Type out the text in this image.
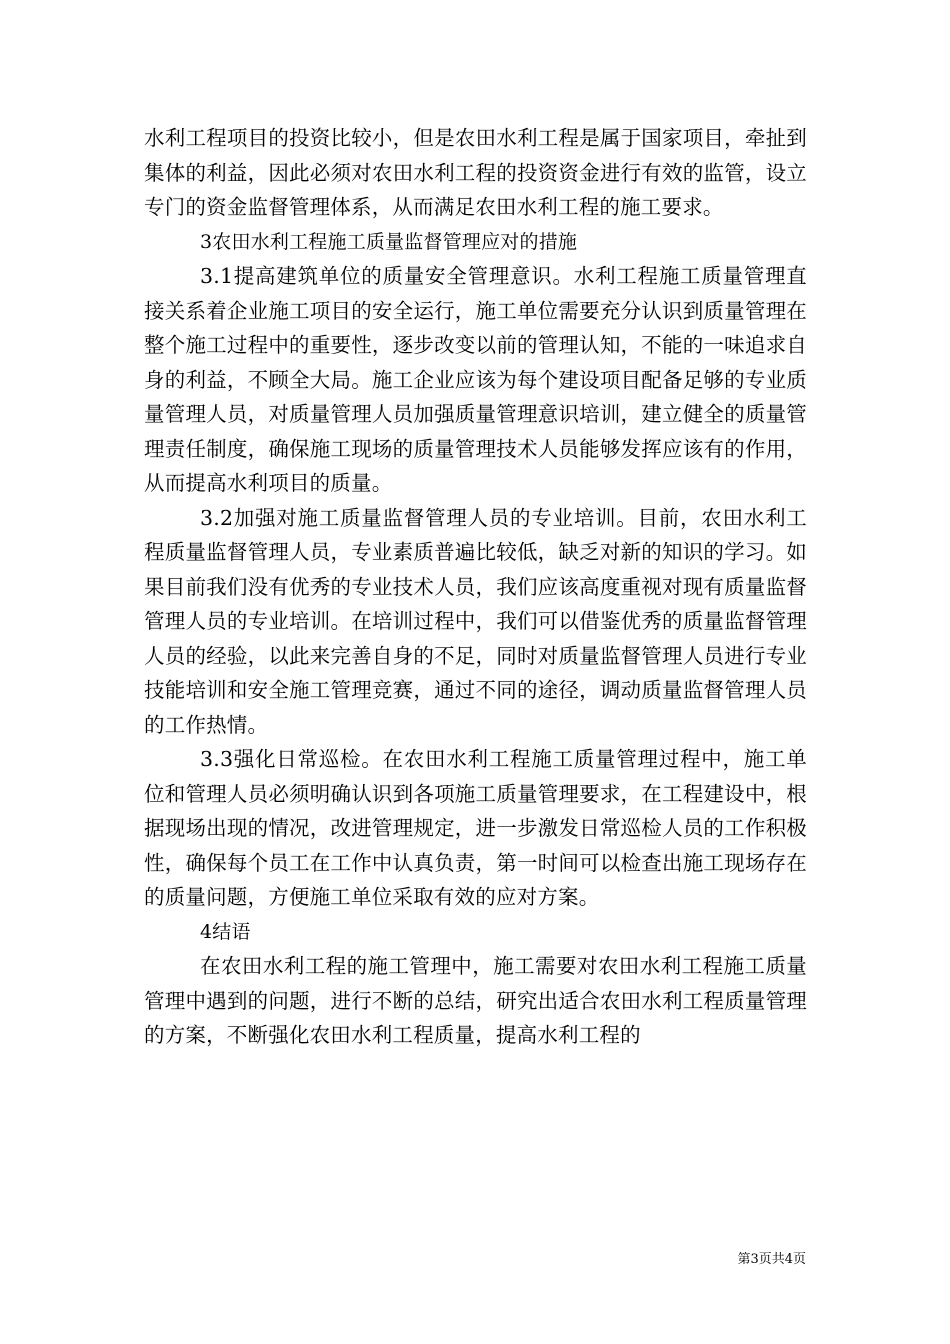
水利工程项目的投资比较小，但是农田水利工程是属于国家项目，牵扯到集体的利益，因此必须对农田水利工程的投资资金进行有效的监管，设立专门的资金监督管理体系，从而满足农田水利工程的施工要求。

3农田水利工程施工质量监督管理应对的措施

3.1提高建筑单位的质量安全管理意识。水利工程施工质量管理直接关系着企业施工项目的安全运行，施工单位需要充分认识到质量管理在整个施工过程中的重要性，逐步改变以前的管理认知，不能的一味追求自身的利益，不顾全大局。施工企业应该为每个建设项目配备足够的专业质量管理人员，对质量管理人员加强质量管理意识培训，建立健全的质量管理责任制度，确保施工现场的质量管理技术人员能够发挥应该有的作用，从而提高水利项目的质量。

3.2加强对施工质量监督管理人员的专业培训。目前，农田水利工程质量监督管理人员，专业素质普遍比较低，缺乏对新的知识的学习。如果目前我们没有优秀的专业技术人员，我们应该高度重视对现有质量监督管理人员的专业培训。在培训过程中，我们可以借鉴优秀的质量监督管理人员的经验，以此来完善自身的不足，同时对质量监督管理人员进行专业技能培训和安全施工管理竞赛，通过不同的途径，调动质量监督管理人员的工作热情。

3.3强化日常巡检。在农田水利工程施工质量管理过程中，施工单位和管理人员必须明确认识到各项施工质量管理要求，在工程建设中，根据现场出现的情况，改进管理规定，进一步激发日常巡检人员的工作积极性，确保每个员工在工作中认真负责，第一时间可以检查出施工现场存在的质量问题，方便施工单位采取有效的应对方案。

4结语

在农田水利工程的施工管理中，施工需要对农田水利工程施工质量管理中遇到的问题，进行不断的总结，研究出适合农田水利工程质量管理的方案，不断强化农田水利工程质量，提高水利工程的

第3页共4页
